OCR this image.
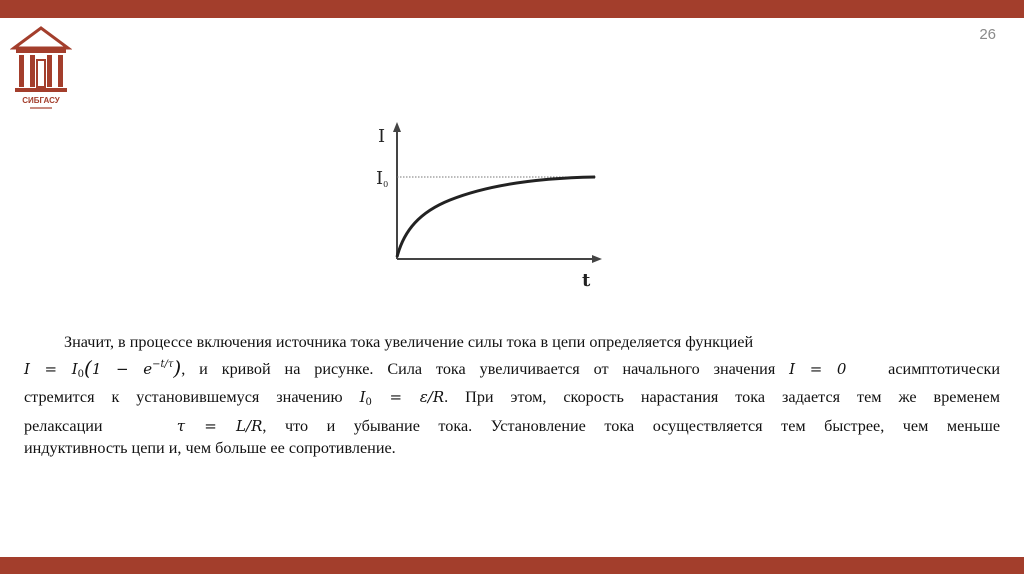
26
СИБГАСУ
I
t
I0
Значит, в процессе включения источника тока увеличение силы тока в цепи определяется функцией
$I = I_0(1 - e^{-t/\tau})$, и кривой на рисунке. Сила тока увеличивается от начального значения I = 0	асимптотически
стремится к установившемуся значению $I_0 = \varepsilon/R$. При этом, скорость нарастания тока задается тем же временем
релаксации	τ = L/R, что и убывание тока. Установление тока осуществляется тем быстрее, чем меньше
индуктивность цепи и, чем больше ее сопротивление.
